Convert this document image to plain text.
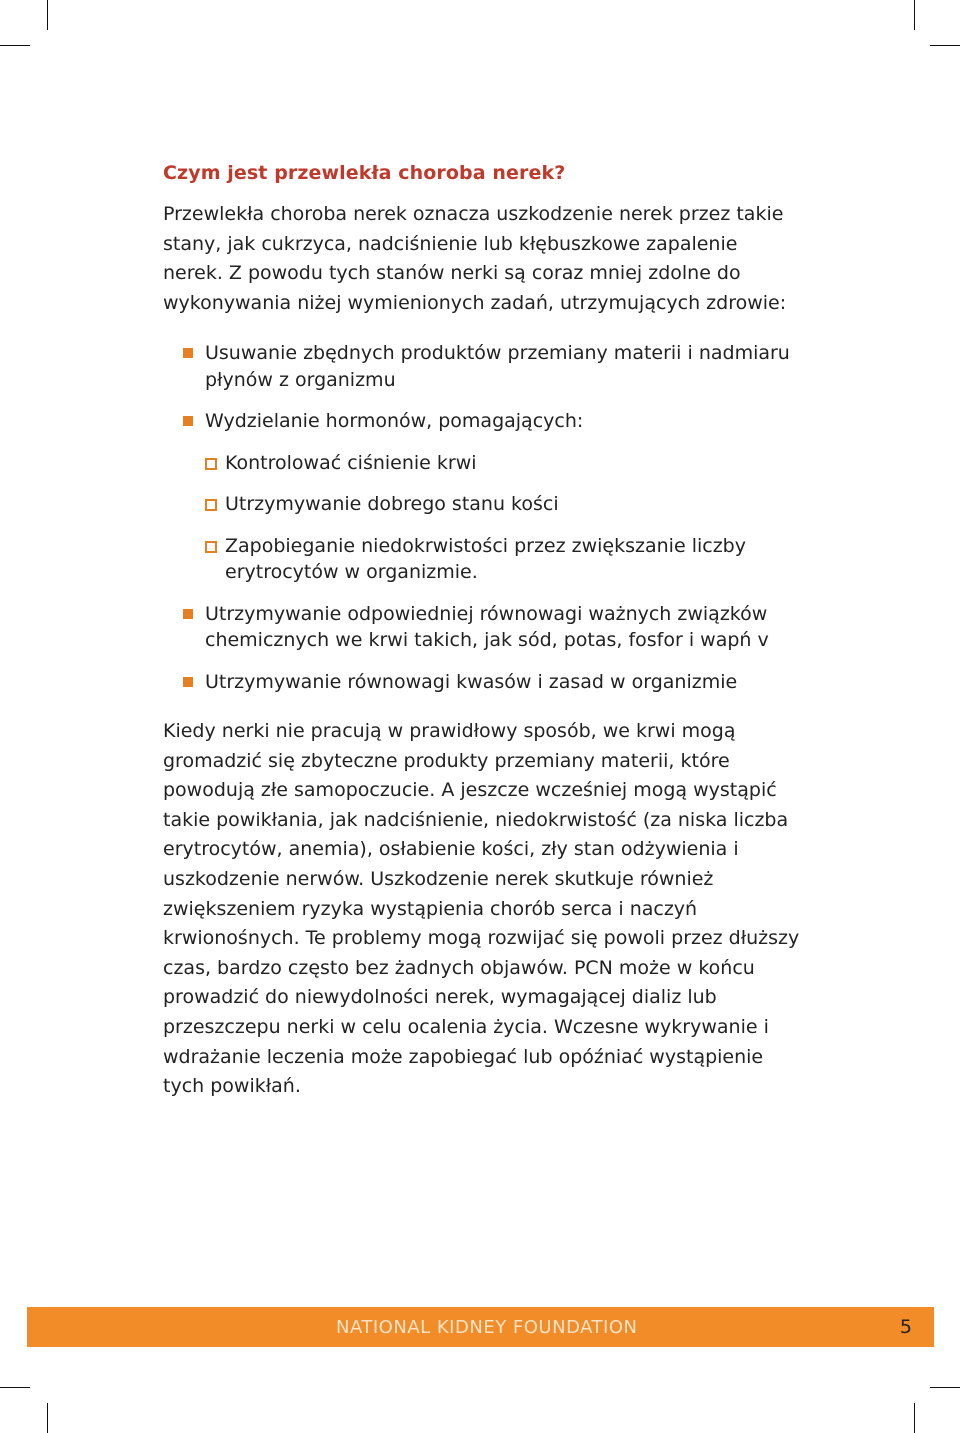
Czym jest przewlekła choroba nerek?

Przewlekła choroba nerek oznacza uszkodzenie nerek przez takie stany, jak cukrzyca, nadciśnienie lub kłębuszkowe zapalenie nerek. Z powodu tych stanów nerki są coraz mniej zdolne do wykonywania niżej wymienionych zadań, utrzymujących zdrowie:

Usuwanie zbędnych produktów przemiany materii i nadmiaru płynów z organizmu
Wydzielanie hormonów, pomagających:
Kontrolować ciśnienie krwi
Utrzymywanie dobrego stanu kości
Zapobieganie niedokrwistości przez zwiększanie liczby erytrocytów w organizmie.
Utrzymywanie odpowiedniej równowagi ważnych związków chemicznych we krwi takich, jak sód, potas, fosfor i wapń v
Utrzymywanie równowagi kwasów i zasad w organizmie

Kiedy nerki nie pracują w prawidłowy sposób, we krwi mogą gromadzić się zbyteczne produkty przemiany materii, które powodują złe samopoczucie. A jeszcze wcześniej mogą wystąpić takie powikłania, jak nadciśnienie, niedokrwistość (za niska liczba erytrocytów, anemia), osłabienie kości, zły stan odżywienia i uszkodzenie nerwów. Uszkodzenie nerek skutkuje również zwiększeniem ryzyka wystąpienia chorób serca i naczyń krwionośnych. Te problemy mogą rozwijać się powoli przez dłuższy czas, bardzo często bez żadnych objawów. PCN może w końcu prowadzić do niewydolności nerek, wymagającej dializ lub przeszczepu nerki w celu ocalenia życia. Wczesne wykrywanie i wdrażanie leczenia może zapobiegać lub opóźniać wystąpienie tych powikłań.

NATIONAL KIDNEY FOUNDATION	5
